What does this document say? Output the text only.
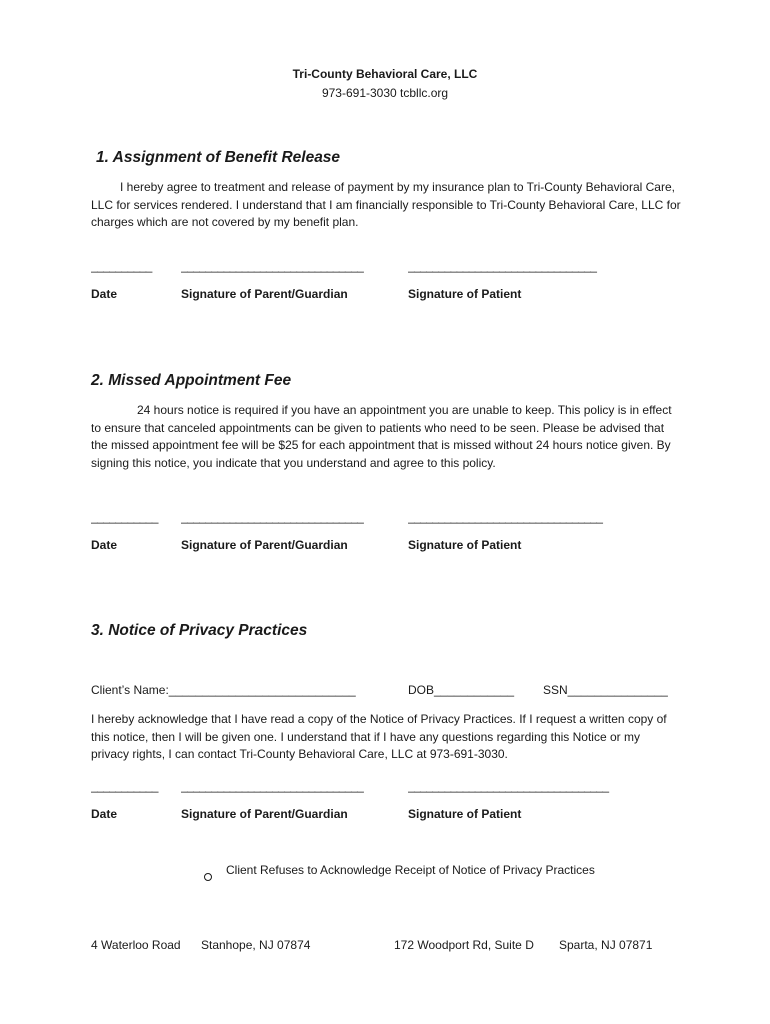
Tri-County Behavioral Care, LLC
973-691-3030 tcbllc.org
1. Assignment of Benefit Release
I hereby agree to treatment and release of payment by my insurance plan to Tri-County Behavioral Care, LLC for services rendered. I understand that I am financially responsible to Tri-County Behavioral Care, LLC for charges which are not covered by my benefit plan.
__________	______________________________	_______________________________
Date	Signature of Parent/Guardian	Signature of Patient
2. Missed Appointment Fee
24 hours notice is required if you have an appointment you are unable to keep. This policy is in effect to ensure that canceled appointments can be given to patients who need to be seen. Please be advised that the missed appointment fee will be $25 for each appointment that is missed without 24 hours notice given. By signing this notice, you indicate that you understand and agree to this policy.
___________	______________________________	________________________________
Date	Signature of Parent/Guardian	Signature of Patient
3. Notice of Privacy Practices
Client’s Name:____________________________	DOB____________	SSN_______________
I hereby acknowledge that I have read a copy of the Notice of Privacy Practices. If I request a written copy of this notice, then I will be given one. I understand that if I have any questions regarding this Notice or my privacy rights, I can contact Tri-County Behavioral Care, LLC at 973-691-3030.
___________	______________________________	_________________________________
Date	Signature of Parent/Guardian	Signature of Patient
Client Refuses to Acknowledge Receipt of Notice of Privacy Practices
4 Waterloo Road Stanhope, NJ 07874	172 Woodport Rd, Suite D Sparta, NJ 07871
